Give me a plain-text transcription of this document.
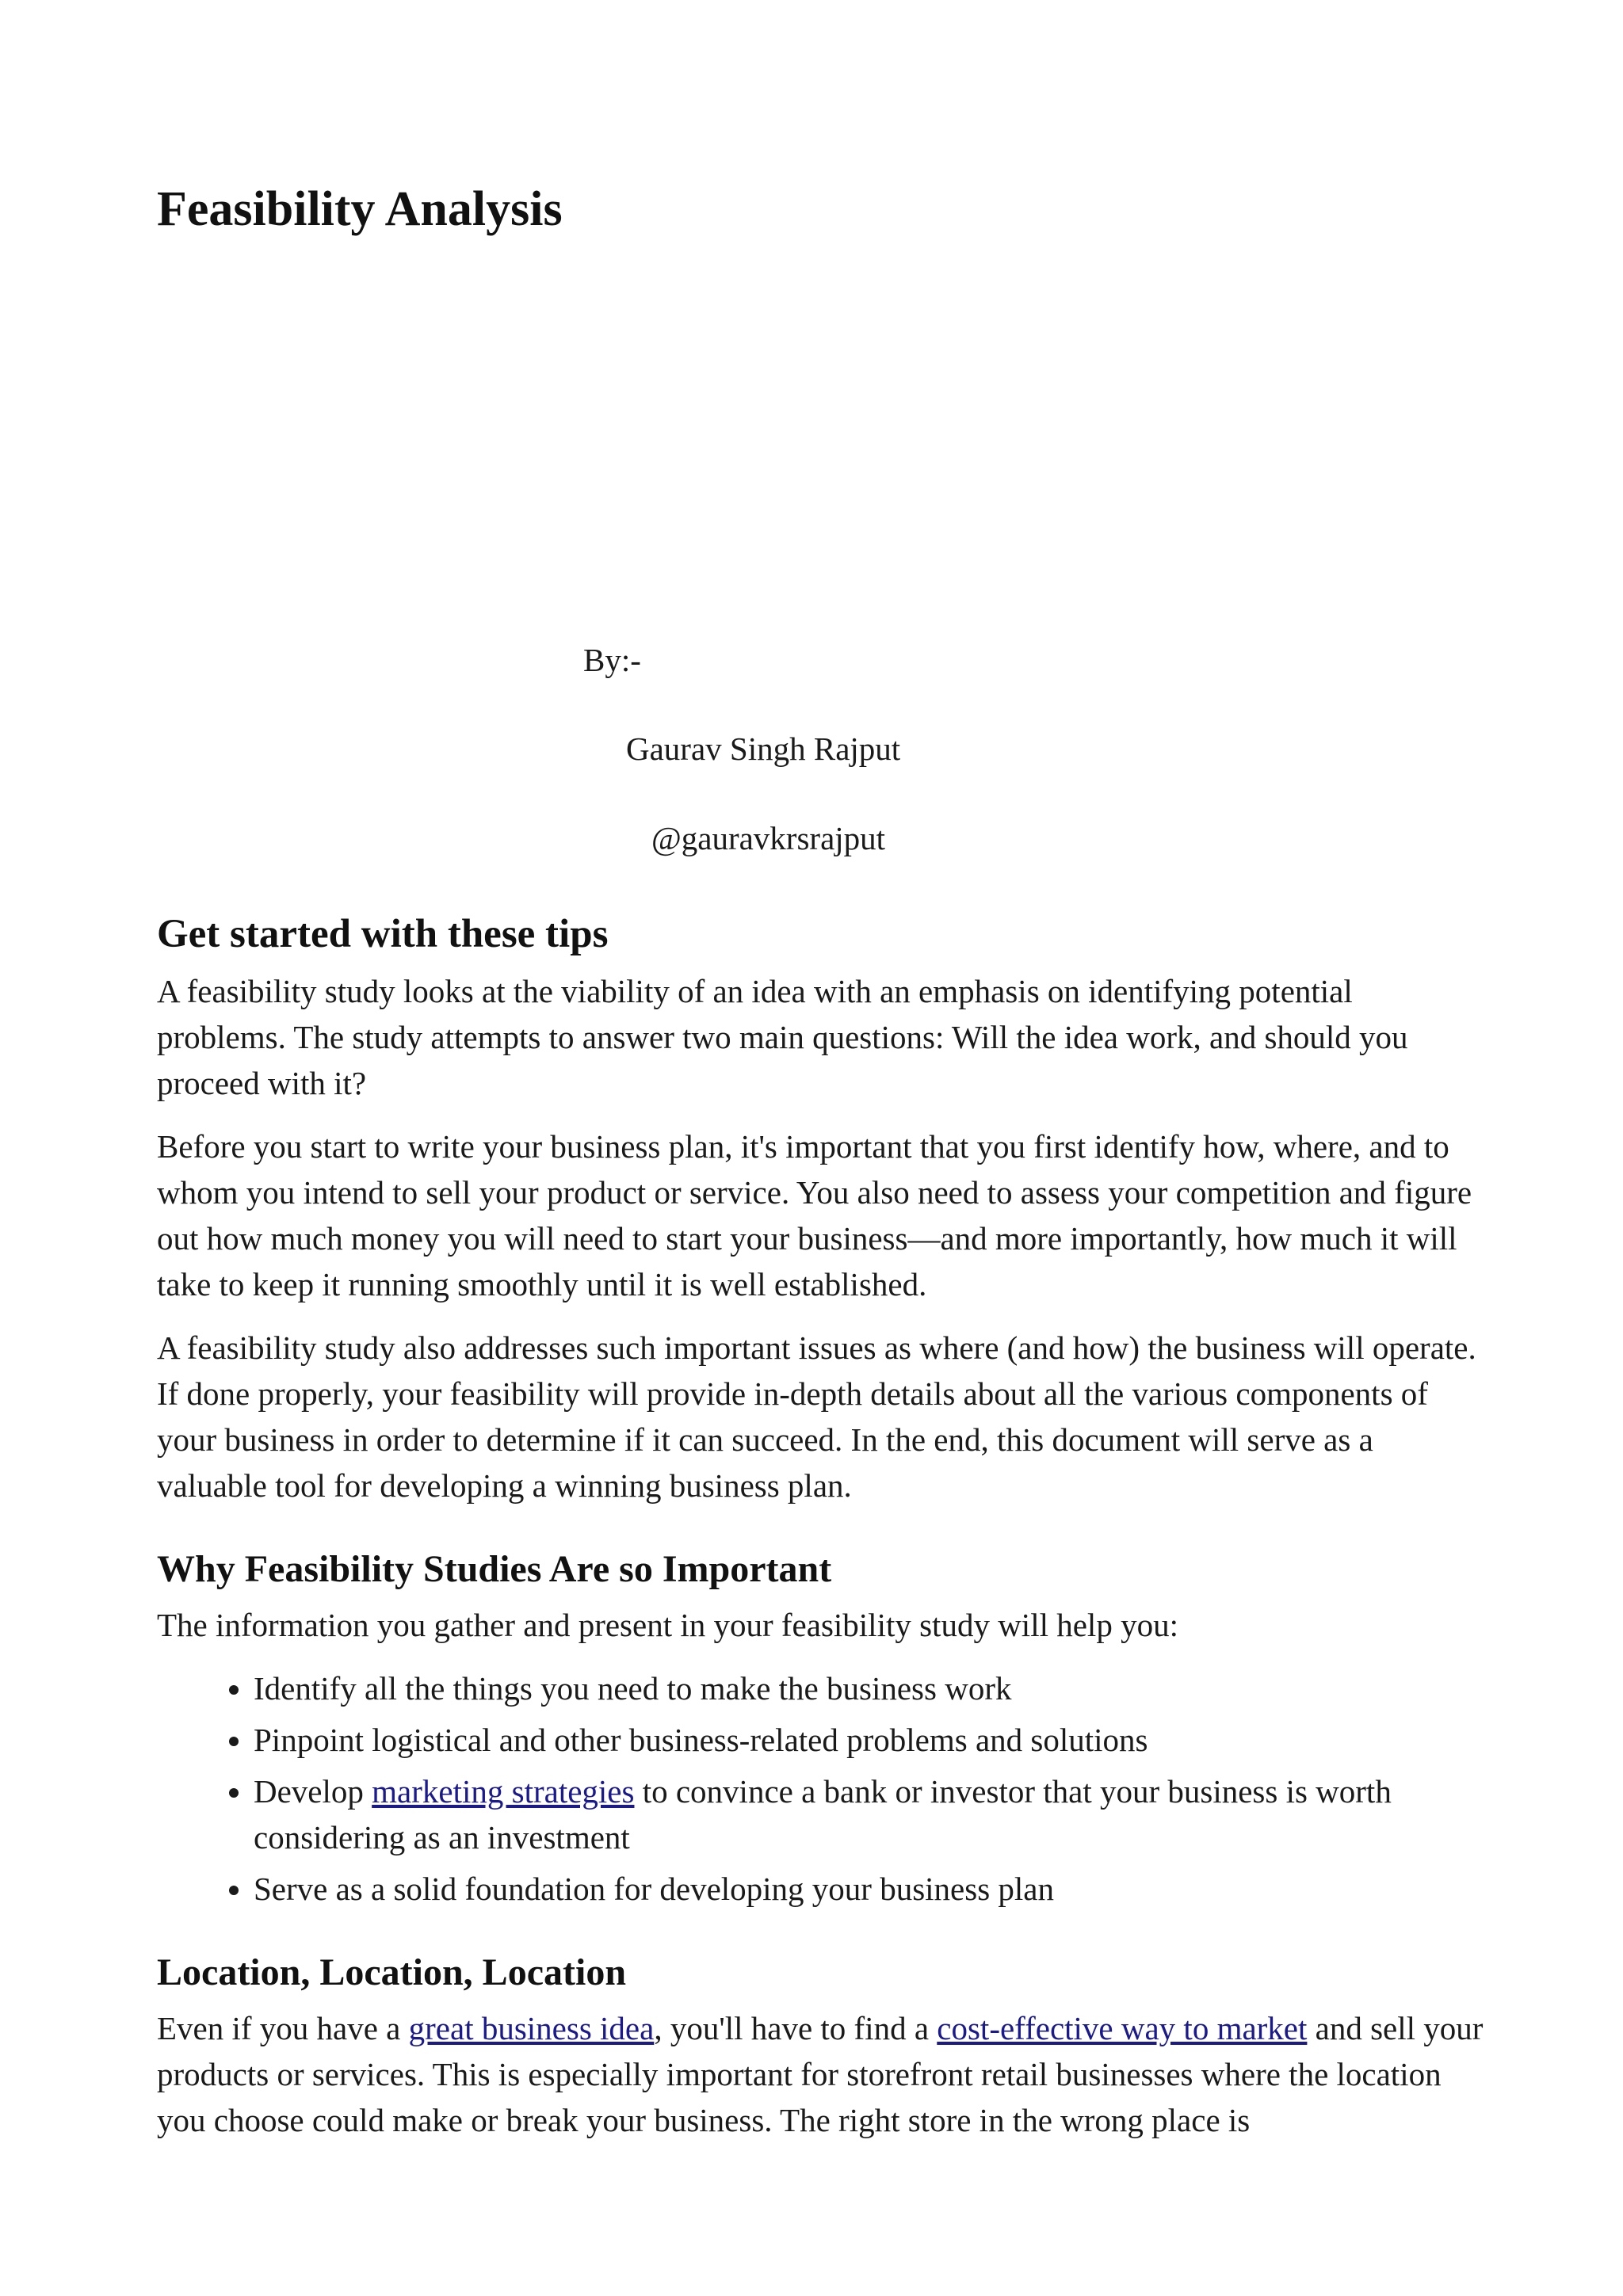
Feasibility Analysis
By:-
Gaurav Singh Rajput
@gauravkrsrajput
Get started with these tips

A feasibility study looks at the viability of an idea with an emphasis on identifying potential problems. The study attempts to answer two main questions: Will the idea work, and should you proceed with it?

Before you start to write your business plan, it's important that you first identify how, where, and to whom you intend to sell your product or service. You also need to assess your competition and figure out how much money you will need to start your business—and more importantly, how much it will take to keep it running smoothly until it is well established.

A feasibility study also addresses such important issues as where (and how) the business will operate. If done properly, your feasibility will provide in-depth details about all the various components of your business in order to determine if it can succeed. In the end, this document will serve as a valuable tool for developing a winning business plan.

Why Feasibility Studies Are so Important

The information you gather and present in your feasibility study will help you:

• Identify all the things you need to make the business work
• Pinpoint logistical and other business-related problems and solutions
• Develop marketing strategies to convince a bank or investor that your business is worth considering as an investment
• Serve as a solid foundation for developing your business plan
Location, Location, Location

Even if you have a great business idea, you'll have to find a cost-effective way to market and sell your products or services. This is especially important for storefront retail businesses where the location you choose could make or break your business. The right store in the wrong place is
